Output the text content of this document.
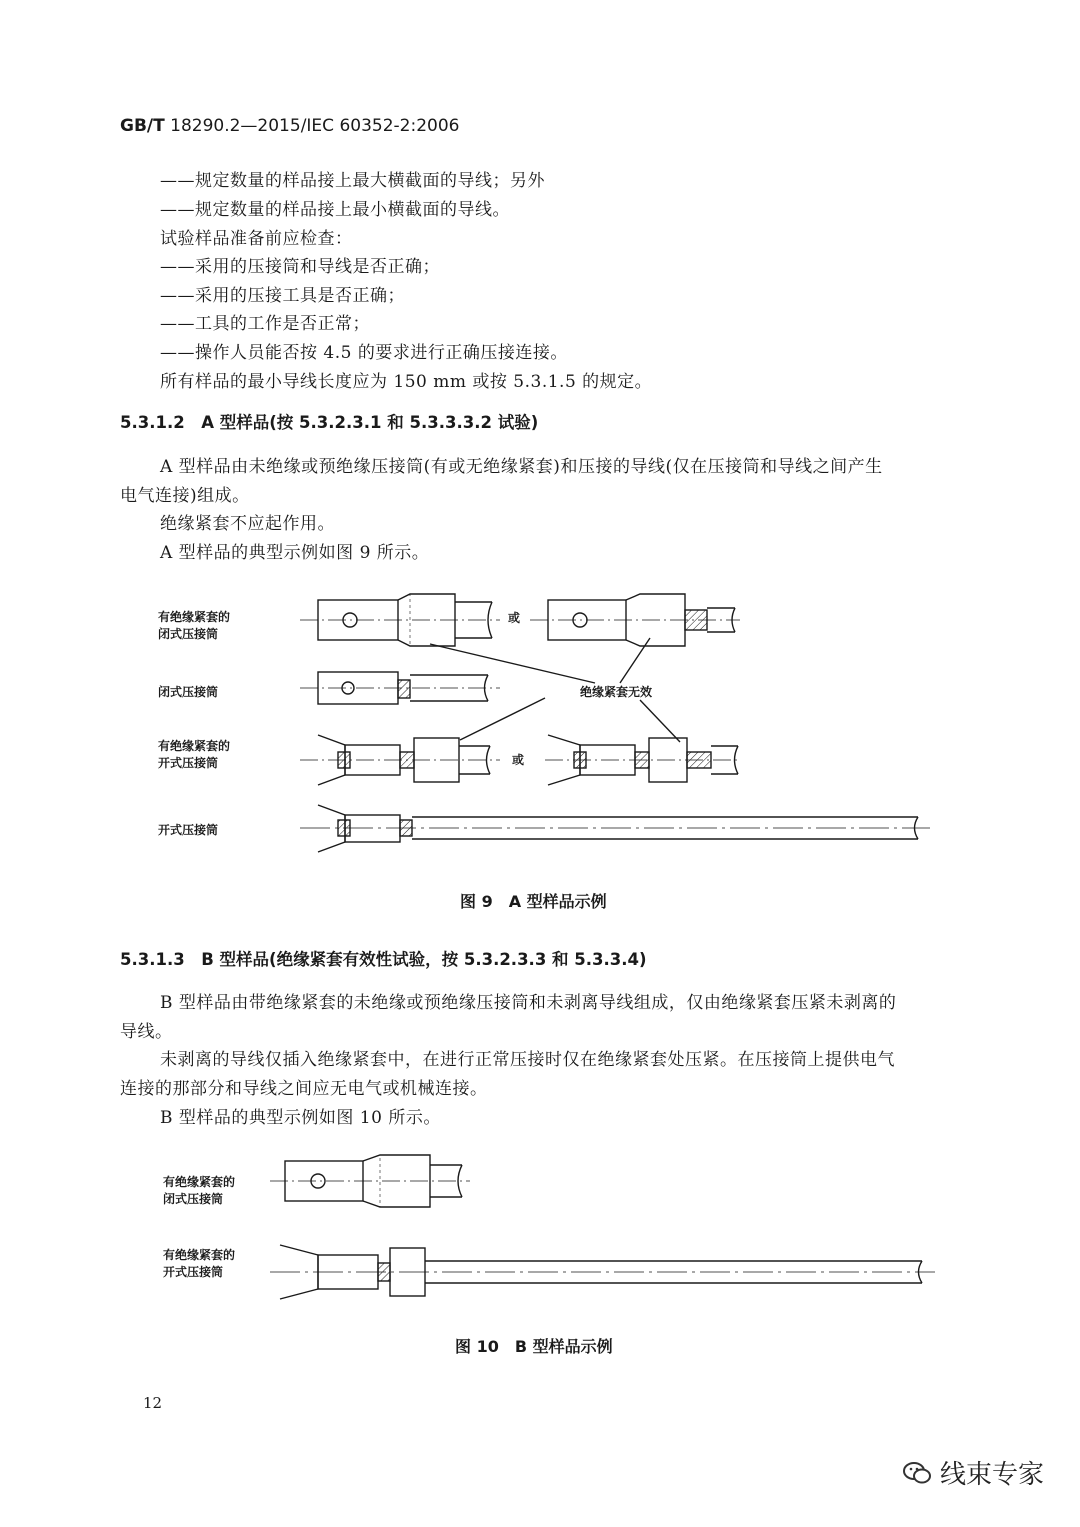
GB/T 18290.2—2015/IEC 60352-2:2006
——规定数量的样品接上最大横截面的导线；另外
——规定数量的样品接上最小横截面的导线。
试验样品准备前应检查：
——采用的压接筒和导线是否正确；
——采用的压接工具是否正确；
——工具的工作是否正常；
——操作人员能否按 4.5 的要求进行正确压接连接。
所有样品的最小导线长度应为 150 mm 或按 5.3.1.5 的规定。
5.3.1.2　A 型样品(按 5.3.2.3.1 和 5.3.3.3.2 试验)
A 型样品由未绝缘或预绝缘压接筒(有或无绝缘紧套)和压接的导线(仅在压接筒和导线之间产生
电气连接)组成。
绝缘紧套不应起作用。
A 型样品的典型示例如图 9 所示。
有绝缘紧套的
闭式压接筒
闭式压接筒
有绝缘紧套的
开式压接筒
开式压接筒
或
或
绝缘紧套无效
图 9　A 型样品示例
5.3.1.3　B 型样品(绝缘紧套有效性试验，按 5.3.2.3.3 和 5.3.3.4)
B 型样品由带绝缘紧套的未绝缘或预绝缘压接筒和未剥离导线组成，仅由绝缘紧套压紧未剥离的
导线。
未剥离的导线仅插入绝缘紧套中，在进行正常压接时仅在绝缘紧套处压紧。在压接筒上提供电气
连接的那部分和导线之间应无电气或机械连接。
B 型样品的典型示例如图 10 所示。
有绝缘紧套的
闭式压接筒
有绝缘紧套的
开式压接筒
图 10　B 型样品示例
12
线束专家
